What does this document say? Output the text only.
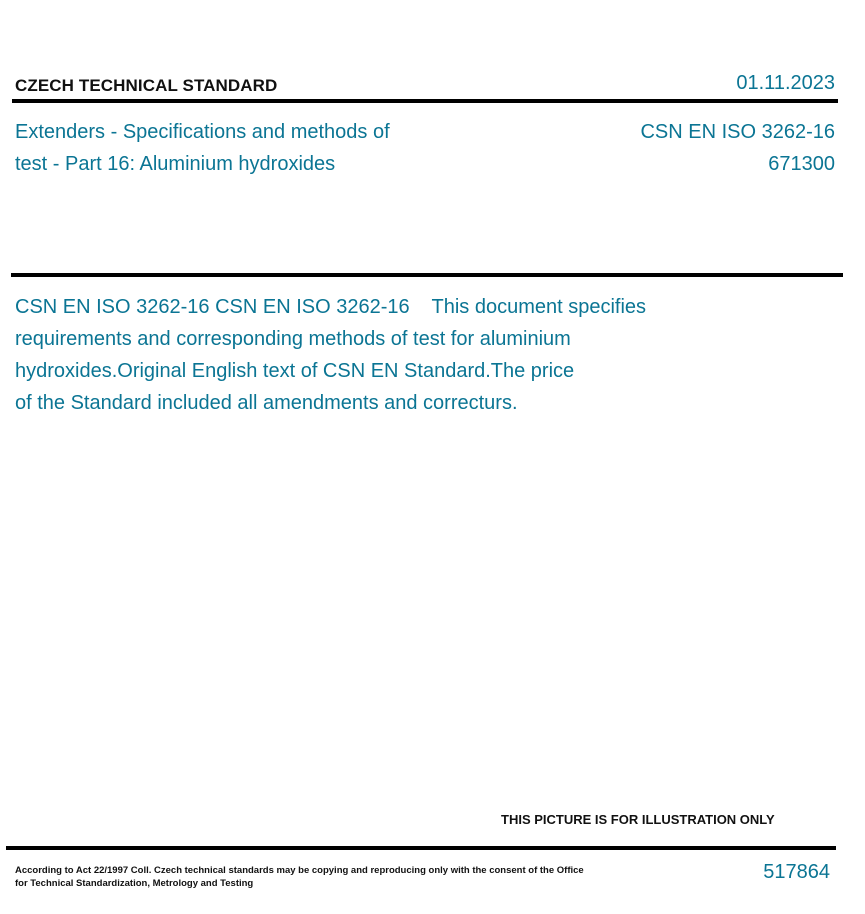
CZECH TECHNICAL STANDARD	01.11.2023
Extenders - Specifications and methods of
test - Part 16: Aluminium hydroxides
CSN EN ISO 3262-16
671300
CSN EN ISO 3262-16 CSN EN ISO 3262-16    This document specifies
requirements and corresponding methods of test for aluminium
hydroxides.Original English text of CSN EN Standard.The price
of the Standard included all amendments and correcturs.
THIS PICTURE IS FOR ILLUSTRATION ONLY
According to Act 22/1997 Coll. Czech technical standards may be copying and reproducing only with the consent of the Office
for Technical Standardization, Metrology and Testing
517864
